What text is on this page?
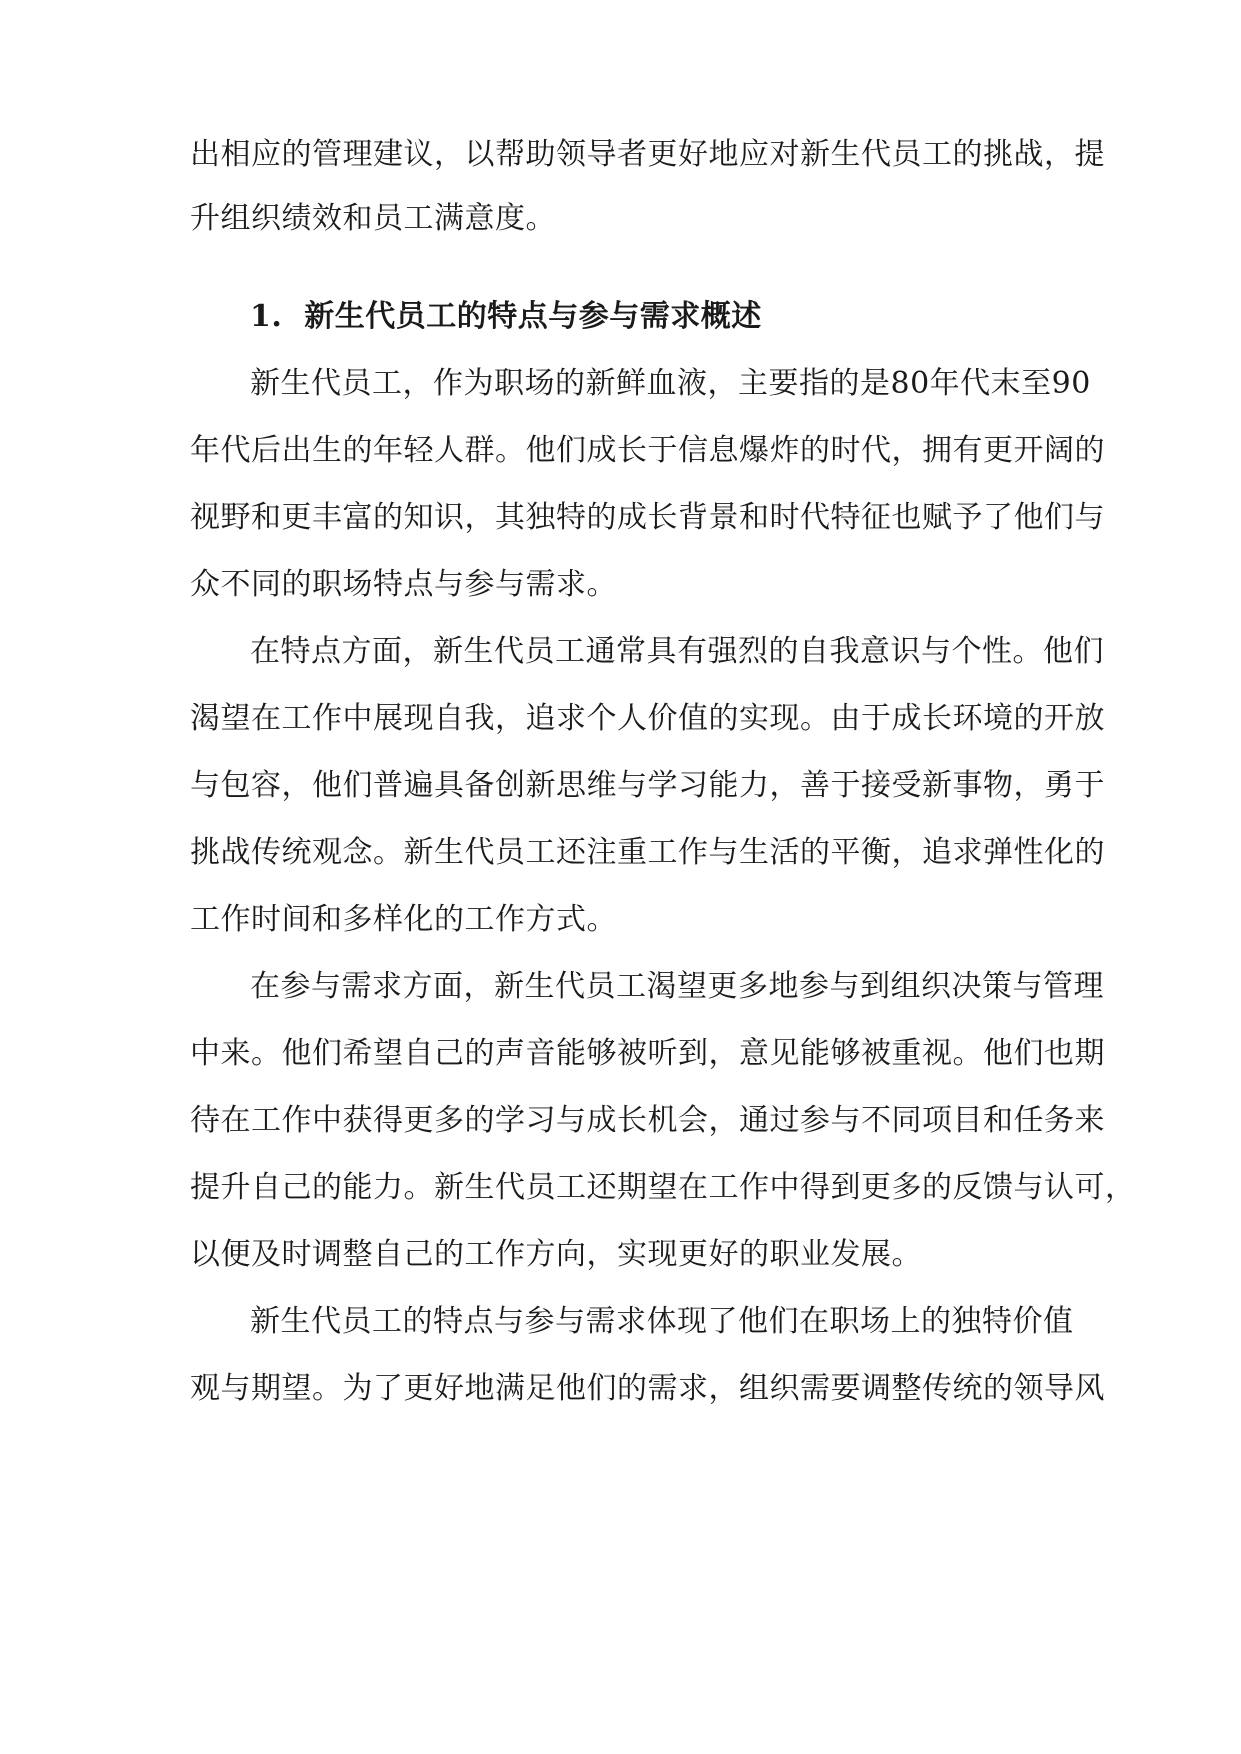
出相应的管理建议，以帮助领导者更好地应对新生代员工的挑战，提
升组织绩效和员工满意度。
1.  新生代员工的特点与参与需求概述
新生代员工，作为职场的新鲜血液，主要指的是80年代末至90
年代后出生的年轻人群。他们成长于信息爆炸的时代，拥有更开阔的
视野和更丰富的知识，其独特的成长背景和时代特征也赋予了他们与
众不同的职场特点与参与需求。
在特点方面，新生代员工通常具有强烈的自我意识与个性。他们
渴望在工作中展现自我，追求个人价值的实现。由于成长环境的开放
与包容，他们普遍具备创新思维与学习能力，善于接受新事物，勇于
挑战传统观念。新生代员工还注重工作与生活的平衡，追求弹性化的
工作时间和多样化的工作方式。
在参与需求方面，新生代员工渴望更多地参与到组织决策与管理
中来。他们希望自己的声音能够被听到，意见能够被重视。他们也期
待在工作中获得更多的学习与成长机会，通过参与不同项目和任务来
提升自己的能力。新生代员工还期望在工作中得到更多的反馈与认可，
以便及时调整自己的工作方向，实现更好的职业发展。
新生代员工的特点与参与需求体现了他们在职场上的独特价值
观与期望。为了更好地满足他们的需求，组织需要调整传统的领导风
